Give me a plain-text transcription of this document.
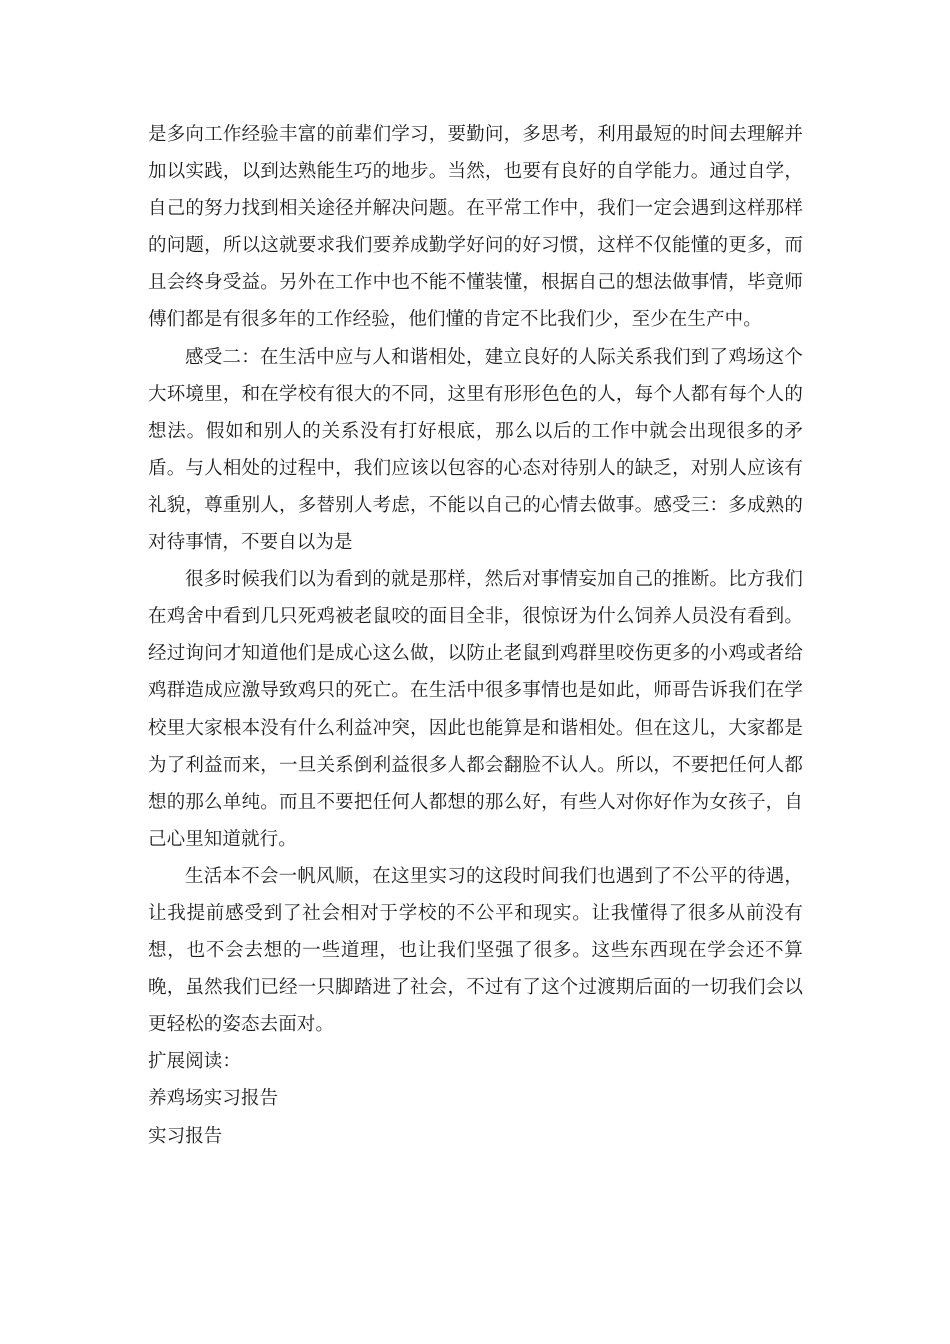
是多向工作经验丰富的前辈们学习，要勤问，多思考，利用最短的时间去理解并加以实践，以到达熟能生巧的地步。当然，也要有良好的自学能力。通过自学，自己的努力找到相关途径并解决问题。在平常工作中，我们一定会遇到这样那样的问题，所以这就要求我们要养成勤学好问的好习惯，这样不仅能懂的更多，而且会终身受益。另外在工作中也不能不懂装懂，根据自己的想法做事情，毕竟师傅们都是有很多年的工作经验，他们懂的肯定不比我们少，至少在生产中。

感受二：在生活中应与人和谐相处，建立良好的人际关系我们到了鸡场这个大环境里，和在学校有很大的不同，这里有形形色色的人，每个人都有每个人的想法。假如和别人的关系没有打好根底，那么以后的工作中就会出现很多的矛盾。与人相处的过程中，我们应该以包容的心态对待别人的缺乏，对别人应该有礼貌，尊重别人，多替别人考虑，不能以自己的心情去做事。感受三：多成熟的对待事情，不要自以为是

很多时候我们以为看到的就是那样，然后对事情妄加自己的推断。比方我们在鸡舍中看到几只死鸡被老鼠咬的面目全非，很惊讶为什么饲养人员没有看到。经过询问才知道他们是成心这么做，以防止老鼠到鸡群里咬伤更多的小鸡或者给鸡群造成应激导致鸡只的死亡。在生活中很多事情也是如此，师哥告诉我们在学校里大家根本没有什么利益冲突，因此也能算是和谐相处。但在这儿，大家都是为了利益而来，一旦关系倒利益很多人都会翻脸不认人。所以，不要把任何人都想的那么单纯。而且不要把任何人都想的那么好，有些人对你好作为女孩子，自己心里知道就行。

生活本不会一帆风顺，在这里实习的这段时间我们也遇到了不公平的待遇，让我提前感受到了社会相对于学校的不公平和现实。让我懂得了很多从前没有想，也不会去想的一些道理，也让我们坚强了很多。这些东西现在学会还不算晚，虽然我们已经一只脚踏进了社会，不过有了这个过渡期后面的一切我们会以更轻松的姿态去面对。

扩展阅读：

养鸡场实习报告

实习报告
